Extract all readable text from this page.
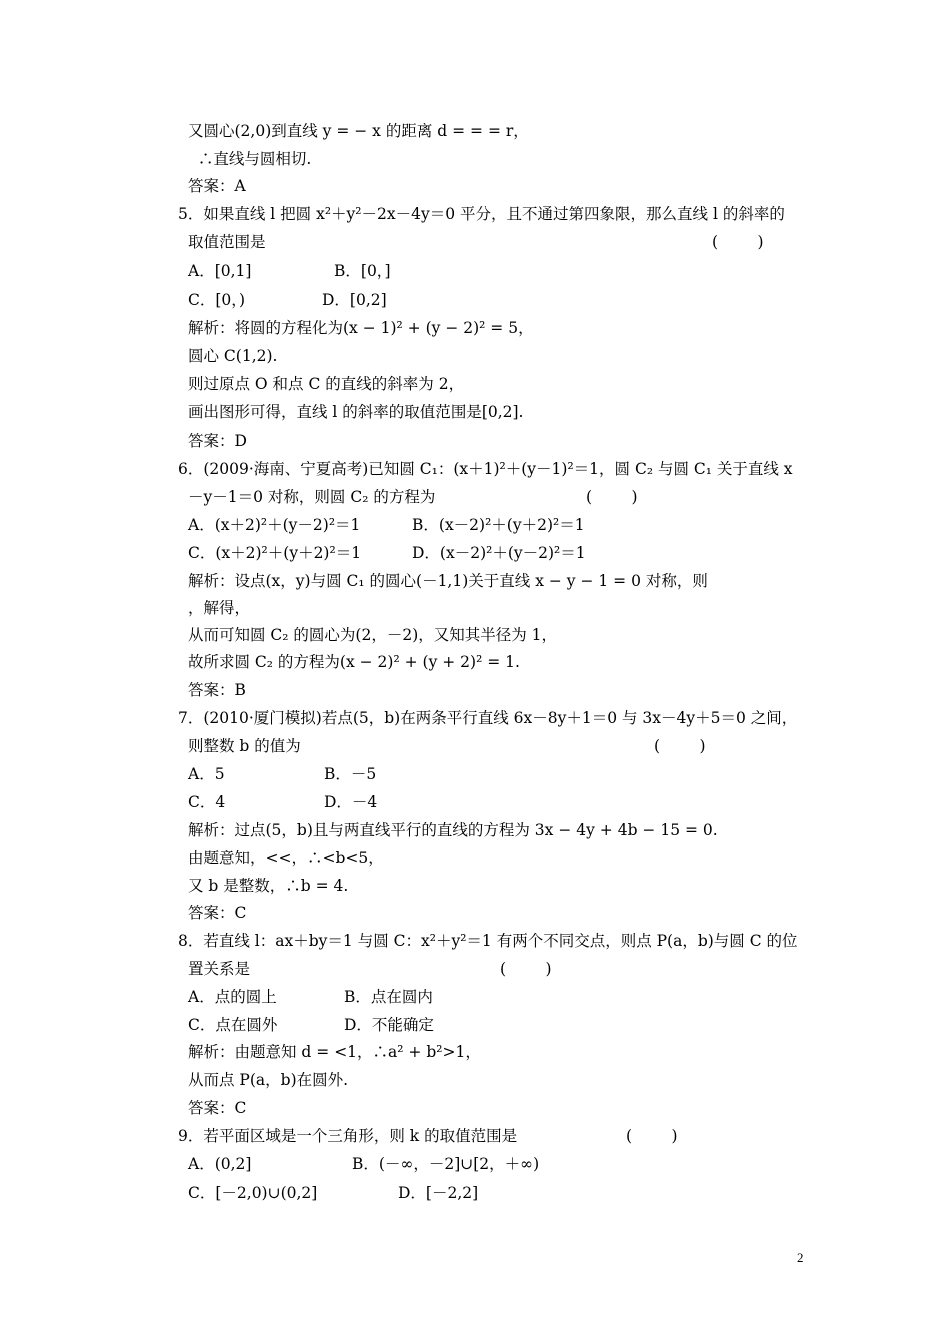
又圆心(2,0)到直线 y = − x 的距离 d = = = r，
∴直线与圆相切.
答案：A
5．如果直线 l 把圆 x²＋y²－2x－4y＝0 平分，且不通过第四象限，那么直线 l 的斜率的
取值范围是	(        )
A．[0,1]	B．[0，]
C．[0，)	D．[0,2]
解析：将圆的方程化为(x − 1)² + (y − 2)² = 5，
圆心 C(1,2).
则过原点 O 和点 C 的直线的斜率为 2，
画出图形可得，直线 l 的斜率的取值范围是[0,2].
答案：D
6．(2009·海南、宁夏高考)已知圆 C₁：(x＋1)²＋(y－1)²＝1，圆 C₂ 与圆 C₁ 关于直线 x
－y－1＝0 对称，则圆 C₂ 的方程为	(        )
A．(x＋2)²＋(y－2)²＝1	B．(x－2)²＋(y＋2)²＝1
C．(x＋2)²＋(y＋2)²＝1	D．(x－2)²＋(y－2)²＝1
解析：设点(x，y)与圆 C₁ 的圆心(－1,1)关于直线 x − y − 1 = 0 对称，则
，解得，
从而可知圆 C₂ 的圆心为(2，－2)，又知其半径为 1，
故所求圆 C₂ 的方程为(x − 2)² + (y + 2)² = 1.
答案：B
7．(2010·厦门模拟)若点(5，b)在两条平行直线 6x－8y＋1＝0 与 3x－4y＋5＝0 之间，
则整数 b 的值为	(        )
A．5	B．－5
C．4	D．－4
解析：过点(5，b)且与两直线平行的直线的方程为 3x − 4y + 4b − 15 = 0.
由题意知，<<，∴<b<5，
又 b 是整数，∴b = 4.
答案：C
8．若直线 l：ax＋by＝1 与圆 C：x²＋y²＝1 有两个不同交点，则点 P(a，b)与圆 C 的位
置关系是	(        )
A．点的圆上	B．点在圆内
C．点在圆外	D．不能确定
解析：由题意知 d = <1，∴a² + b²>1，
从而点 P(a，b)在圆外.
答案：C
9．若平面区域是一个三角形，则 k 的取值范围是	(        )
A．(0,2]	B．(－∞，－2]∪[2，＋∞)
C．[－2,0)∪(0,2]	D．[－2,2]
2
